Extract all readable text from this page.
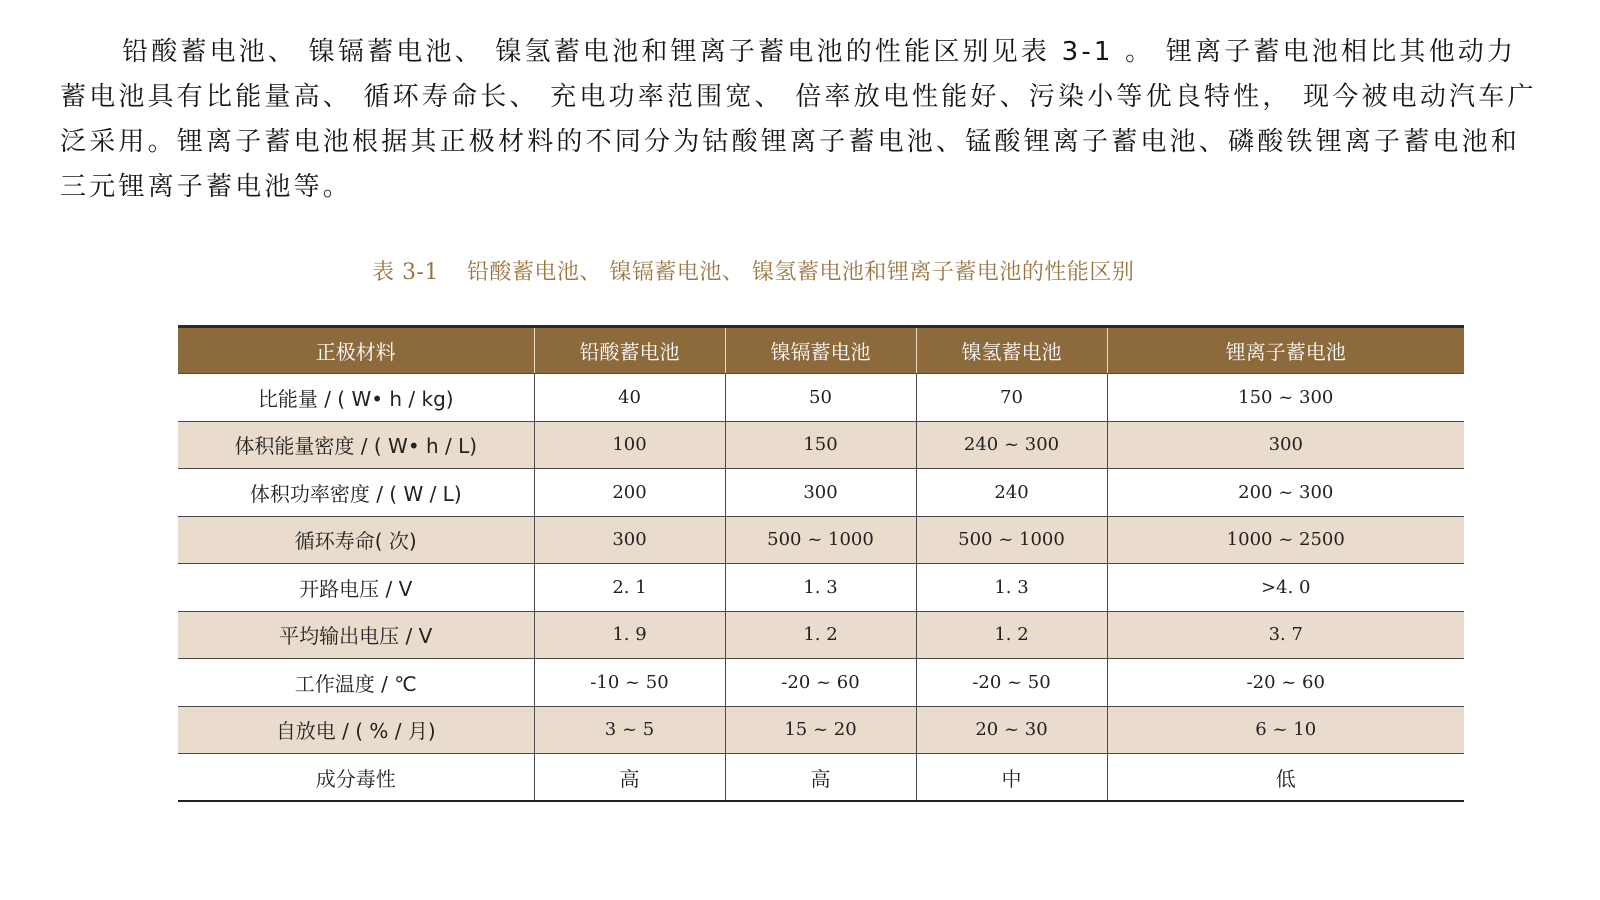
铅酸蓄电池、 镍镉蓄电池、 镍氢蓄电池和锂离子蓄电池的性能区别见表 3-1 。 锂离子蓄电池相比其他动力蓄电池具有比能量高、 循环寿命长、 充电功率范围宽、 倍率放电性能好、污染小等优良特性， 现今被电动汽车广泛采用。锂离子蓄电池根据其正极材料的不同分为钴酸锂离子蓄电池、锰酸锂离子蓄电池、磷酸铁锂离子蓄电池和三元锂离子蓄电池等。

表 3-1 铅酸蓄电池、 镍镉蓄电池、 镍氢蓄电池和锂离子蓄电池的性能区别
正极材料	铅酸蓄电池	镍镉蓄电池	镍氢蓄电池	锂离子蓄电池
比能量 / ( W• h / kg)	40	50	70	150 ~ 300
体积能量密度 / ( W• h / L)	100	150	240 ~ 300	300
体积功率密度 / ( W / L)	200	300	240	200 ~ 300
循环寿命( 次)	300	500 ~ 1000	500 ~ 1000	1000 ~ 2500
开路电压 / V	2. 1	1. 3	1. 3	>4. 0
平均输出电压 / V	1. 9	1. 2	1. 2	3. 7
工作温度 / ℃	-10 ~ 50	-20 ~ 60	-20 ~ 50	-20 ~ 60
自放电 / ( % / 月)	3 ~ 5	15 ~ 20	20 ~ 30	6 ~ 10
成分毒性	高	高	中	低
